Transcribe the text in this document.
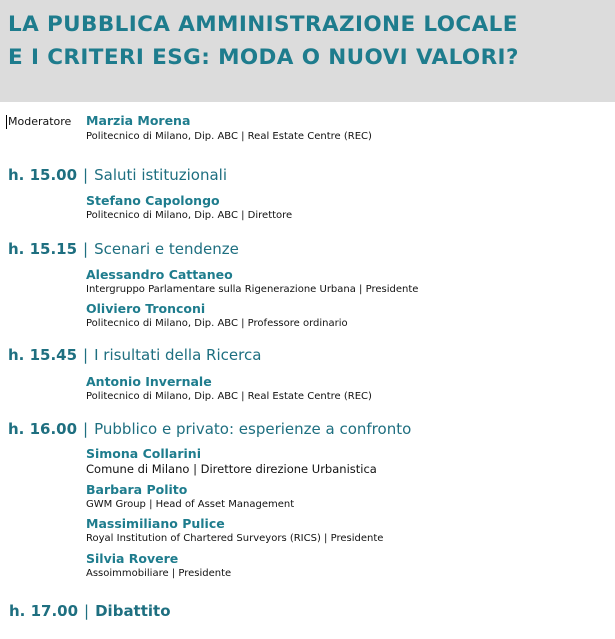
LA PUBBLICA AMMINISTRAZIONE LOCALE
E I CRITERI ESG: MODA O NUOVI VALORI?
Moderatore Marzia Morena
Politecnico di Milano, Dip. ABC | Real Estate Centre (REC)
h. 15.00 | Saluti istituzionali
Stefano Capolongo
Politecnico di Milano, Dip. ABC | Direttore
h. 15.15 | Scenari e tendenze
Alessandro Cattaneo
Intergruppo Parlamentare sulla Rigenerazione Urbana | Presidente
Oliviero Tronconi
Politecnico di Milano, Dip. ABC | Professore ordinario
h. 15.45 | I risultati della Ricerca
Antonio Invernale
Politecnico di Milano, Dip. ABC | Real Estate Centre (REC)
h. 16.00 | Pubblico e privato: esperienze a confronto
Simona Collarini
Comune di Milano | Direttore direzione Urbanistica
Barbara Polito
GWM Group | Head of Asset Management
Massimiliano Pulice
Royal Institution of Chartered Surveyors (RICS) | Presidente
Silvia Rovere
Assoimmobiliare | Presidente
h. 17.00 | Dibattito
